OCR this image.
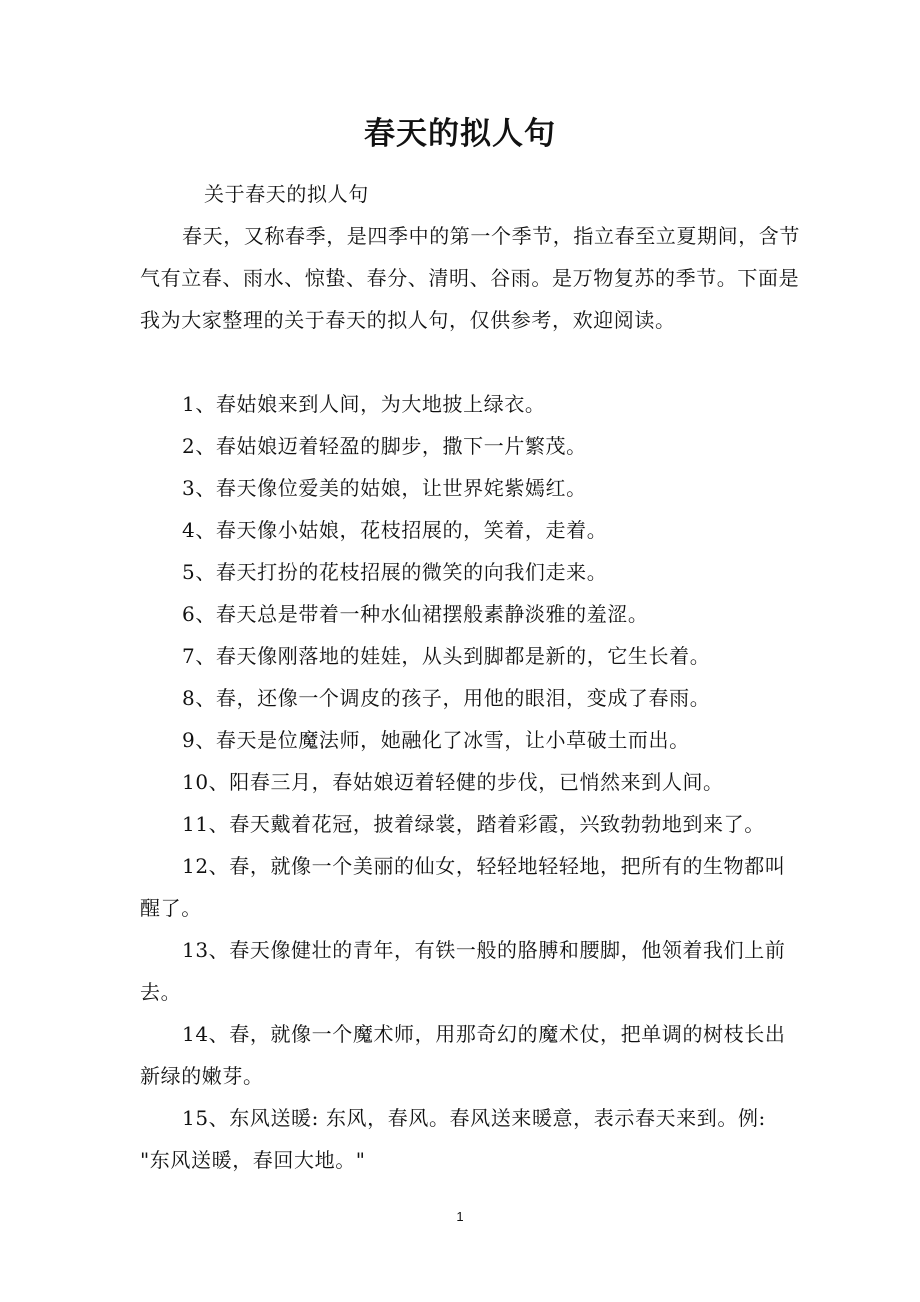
春天的拟人句

关于春天的拟人句

春天，又称春季，是四季中的第一个季节，指立春至立夏期间，含节气有立春、雨水、惊蛰、春分、清明、谷雨。是万物复苏的季节。下面是我为大家整理的关于春天的拟人句，仅供参考，欢迎阅读。

1、春姑娘来到人间，为大地披上绿衣。
2、春姑娘迈着轻盈的脚步，撒下一片繁茂。
3、春天像位爱美的姑娘，让世界姹紫嫣红。
4、春天像小姑娘，花枝招展的，笑着，走着。
5、春天打扮的花枝招展的微笑的向我们走来。
6、春天总是带着一种水仙裙摆般素静淡雅的羞涩。
7、春天像刚落地的娃娃，从头到脚都是新的，它生长着。
8、春，还像一个调皮的孩子，用他的眼泪，变成了春雨。
9、春天是位魔法师，她融化了冰雪，让小草破土而出。
10、阳春三月，春姑娘迈着轻健的步伐，已悄然来到人间。
11、春天戴着花冠，披着绿裳，踏着彩霞，兴致勃勃地到来了。
12、春，就像一个美丽的仙女，轻轻地轻轻地，把所有的生物都叫醒了。
13、春天像健壮的青年，有铁一般的胳膊和腰脚，他领着我们上前去。
14、春，就像一个魔术师，用那奇幻的魔术仗，把单调的树枝长出新绿的嫩芽。
15、东风送暖: 东风，春风。春风送来暖意，表示春天来到。例: "东风送暖，春回大地。"
1
